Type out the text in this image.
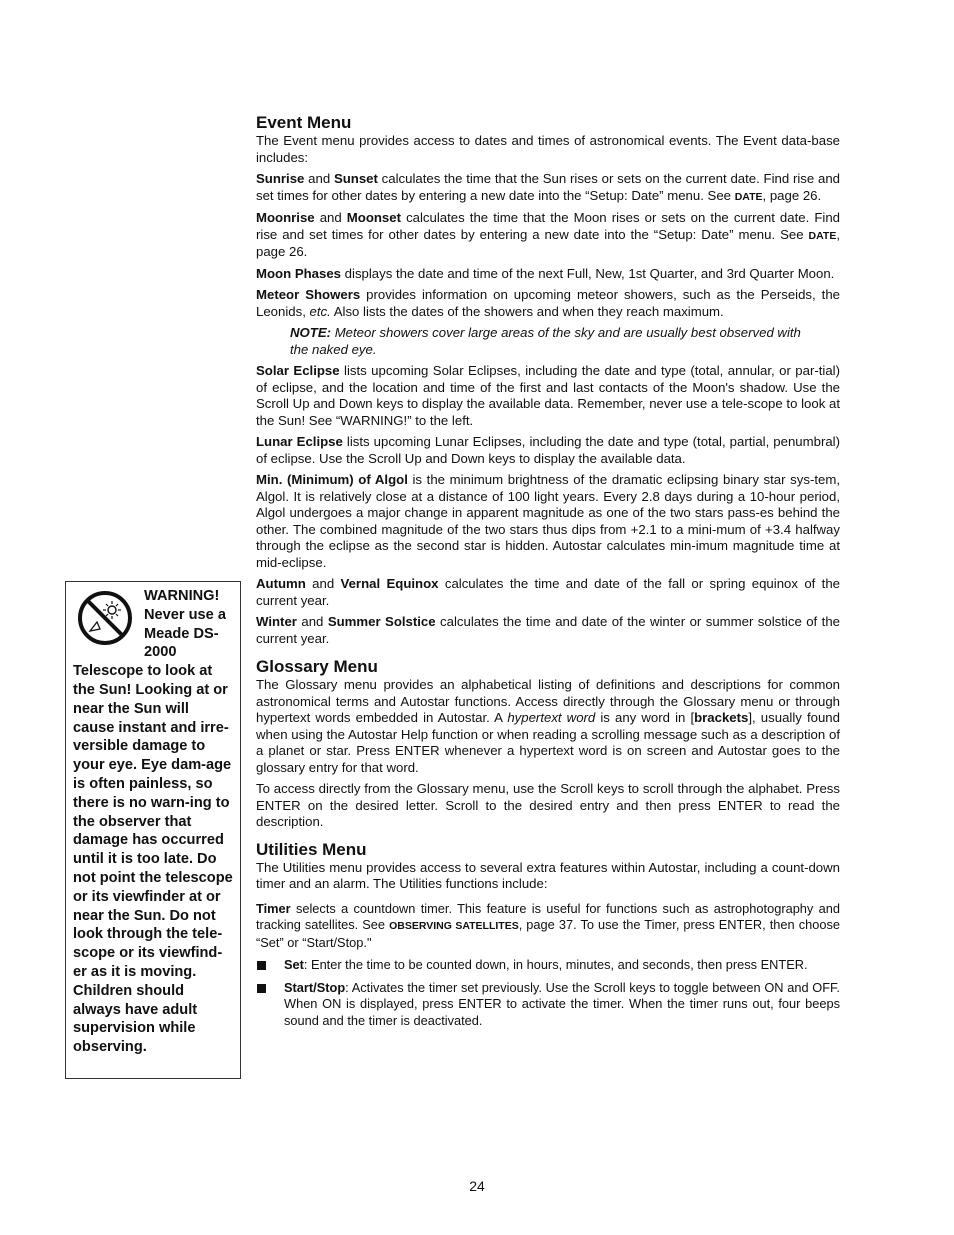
WARNING! Never use a Meade DS-2000 Telescope to look at the Sun! Looking at or near the Sun will cause instant and irre-versible damage to your eye. Eye dam-age is often painless, so there is no warn-ing to the observer that damage has occurred until it is too late. Do not point the telescope or its viewfinder at or near the Sun. Do not look through the tele-scope or its viewfind-er as it is moving. Children should always have adult supervision while observing.
Event Menu

The Event menu provides access to dates and times of astronomical events. The Event data-base includes:

Sunrise and Sunset calculates the time that the Sun rises or sets on the current date. Find rise and set times for other dates by entering a new date into the “Setup: Date” menu. See DATE, page 26.

Moonrise and Moonset calculates the time that the Moon rises or sets on the current date. Find rise and set times for other dates by entering a new date into the “Setup: Date” menu. See DATE, page 26.

Moon Phases displays the date and time of the next Full, New, 1st Quarter, and 3rd Quarter Moon.

Meteor Showers provides information on upcoming meteor showers, such as the Perseids, the Leonids, etc. Also lists the dates of the showers and when they reach maximum.

NOTE: Meteor showers cover large areas of the sky and are usually best observed with the naked eye.

Solar Eclipse lists upcoming Solar Eclipses, including the date and type (total, annular, or par-tial) of eclipse, and the location and time of the first and last contacts of the Moon's shadow. Use the Scroll Up and Down keys to display the available data. Remember, never use a tele-scope to look at the Sun! See “WARNING!” to the left.

Lunar Eclipse lists upcoming Lunar Eclipses, including the date and type (total, partial, penumbral) of eclipse. Use the Scroll Up and Down keys to display the available data.

Min. (Minimum) of Algol is the minimum brightness of the dramatic eclipsing binary star sys-tem, Algol. It is relatively close at a distance of 100 light years. Every 2.8 days during a 10-hour period, Algol undergoes a major change in apparent magnitude as one of the two stars pass-es behind the other. The combined magnitude of the two stars thus dips from +2.1 to a mini-mum of +3.4 halfway through the eclipse as the second star is hidden. Autostar calculates min-imum magnitude time at mid-eclipse.

Autumn and Vernal Equinox calculates the time and date of the fall or spring equinox of the current year.

Winter and Summer Solstice calculates the time and date of the winter or summer solstice of the current year.

Glossary Menu

The Glossary menu provides an alphabetical listing of definitions and descriptions for common astronomical terms and Autostar functions. Access directly through the Glossary menu or through hypertext words embedded in Autostar. A hypertext word is any word in [brackets], usually found when using the Autostar Help function or when reading a scrolling message such as a description of a planet or star. Press ENTER whenever a hypertext word is on screen and Autostar goes to the glossary entry for that word.

To access directly from the Glossary menu, use the Scroll keys to scroll through the alphabet. Press ENTER on the desired letter. Scroll to the desired entry and then press ENTER to read the description.

Utilities Menu

The Utilities menu provides access to several extra features within Autostar, including a count-down timer and an alarm. The Utilities functions include:

Timer selects a countdown timer. This feature is useful for functions such as astrophotography and tracking satellites. See OBSERVING SATELLITES, page 37. To use the Timer, press ENTER, then choose “Set” or “Start/Stop."

Set: Enter the time to be counted down, in hours, minutes, and seconds, then press ENTER.
Start/Stop: Activates the timer set previously. Use the Scroll keys to toggle between ON and OFF. When ON is displayed, press ENTER to activate the timer. When the timer runs out, four beeps sound and the timer is deactivated.
24
